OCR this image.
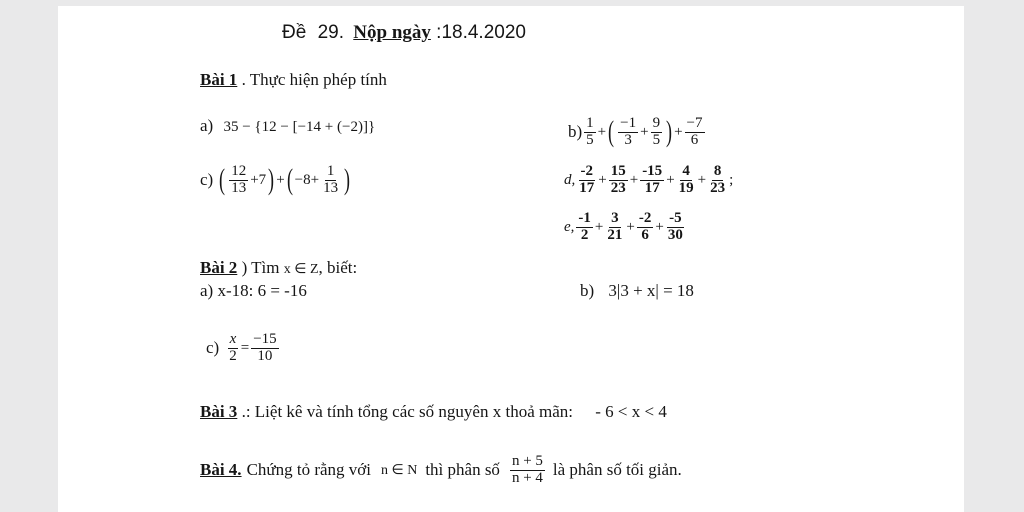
Đề 29. Nộp ngày :18.4.2020
Bài 1 . Thực hiện phép tính
a) 35 − {12 − [−14 + (−2)]}	$b) \frac{1}{5}$ + ( $\frac{-1}{3} + \frac{9}{5}$ ) + $\frac{-7}{6}$
c) ( $\frac{12}{13} +7$ ) + ( $-8+ \frac{1}{13}$ )	d, $\frac{-2}{17} + \frac{15}{23} + \frac{-15}{17} + \frac{4}{19} + \frac{8}{23}$ ;
e, $\frac{-1}{2} + \frac{3}{21} + \frac{-2}{6} + \frac{-5}{30}$
Bài 2 ) Tìm x ∈ Z, biết:
a) x-18: 6 = -16	b) 3|3 + x| = 18
$c) \frac{x}{2} = \frac{-15}{10}$
Bài 3 .: Liệt kê và tính tổng các số nguyên x thoả mãn: - 6 < x < 4
Bài 4. Chứng tỏ rằng với n ∈ N thì phân số $\frac{n + 5}{n + 4}$ là phân số tối giản.
